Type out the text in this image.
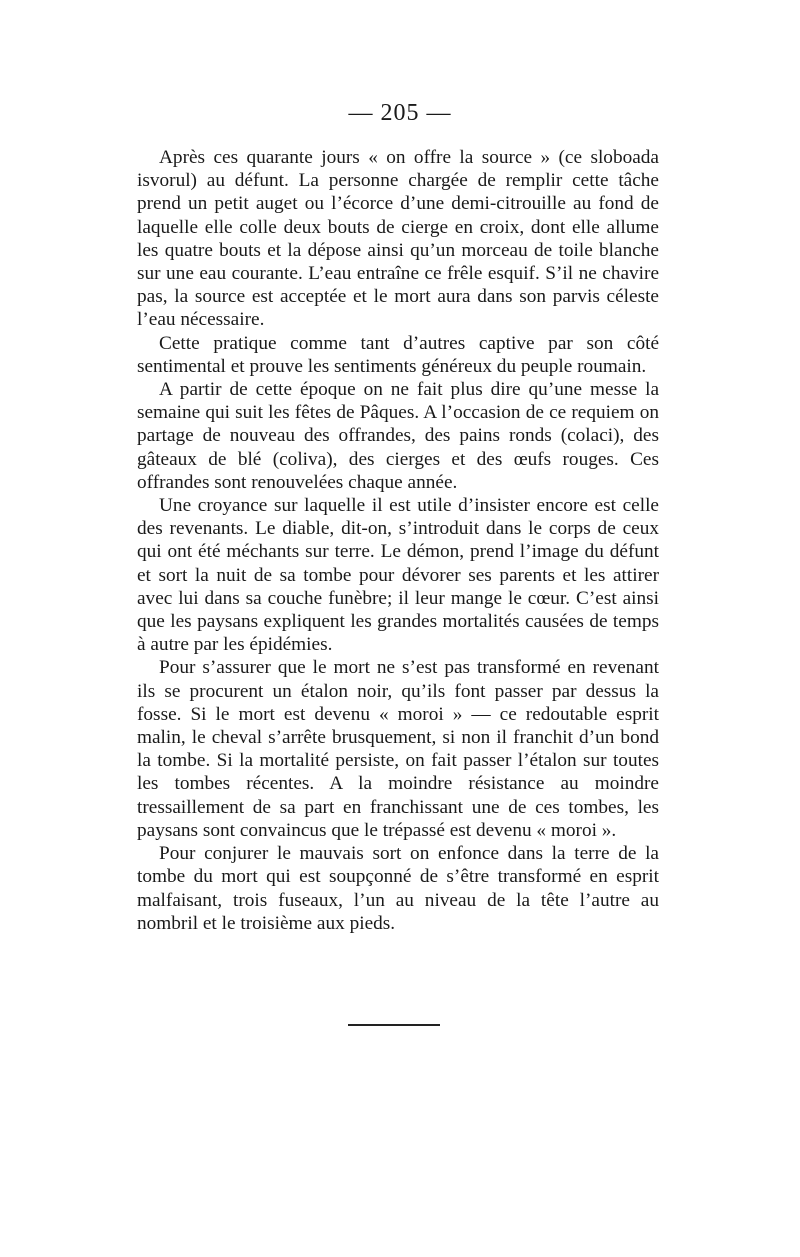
— 205 —

Après ces quarante jours « on offre la source » (ce sloboada isvorul) au défunt. La personne chargée de remplir cette tâche prend un petit auget ou l’écorce d’une demi-citrouille au fond de laquelle elle colle deux bouts de cierge en croix, dont elle allume les quatre bouts et la dépose ainsi qu’un morceau de toile blanche sur une eau courante. L’eau entraîne ce frêle esquif. S’il ne chavire pas, la source est acceptée et le mort aura dans son parvis céleste l’eau nécessaire.

Cette pratique comme tant d’autres captive par son côté sentimental et prouve les sentiments généreux du peuple roumain.

A partir de cette époque on ne fait plus dire qu’une messe la semaine qui suit les fêtes de Pâques. A l’occasion de ce requiem on partage de nouveau des offrandes, des pains ronds (colaci), des gâteaux de blé (coliva), des cierges et des œufs rouges. Ces offrandes sont renouvelées chaque année.

Une croyance sur laquelle il est utile d’insister encore est celle des revenants. Le diable, dit-on, s’introduit dans le corps de ceux qui ont été méchants sur terre. Le démon, prend l’image du défunt et sort la nuit de sa tombe pour dévorer ses parents et les attirer avec lui dans sa couche funèbre; il leur mange le cœur. C’est ainsi que les paysans expliquent les grandes mortalités causées de temps à autre par les épidémies.

Pour s’assurer que le mort ne s’est pas transformé en revenant ils se procurent un étalon noir, qu’ils font passer par dessus la fosse. Si le mort est devenu « moroi » — ce redoutable esprit malin, le cheval s’arrête brusquement, si non il franchit d’un bond la tombe. Si la mortalité persiste, on fait passer l’étalon sur toutes les tombes récentes. A la moindre résistance au moindre tressaillement de sa part en franchissant une de ces tombes, les paysans sont convaincus que le trépassé est devenu « moroi ».

Pour conjurer le mauvais sort on enfonce dans la terre de la tombe du mort qui est soupçonné de s’être transformé en esprit malfaisant, trois fuseaux, l’un au niveau de la tête l’autre au nombril et le troisième aux pieds.
